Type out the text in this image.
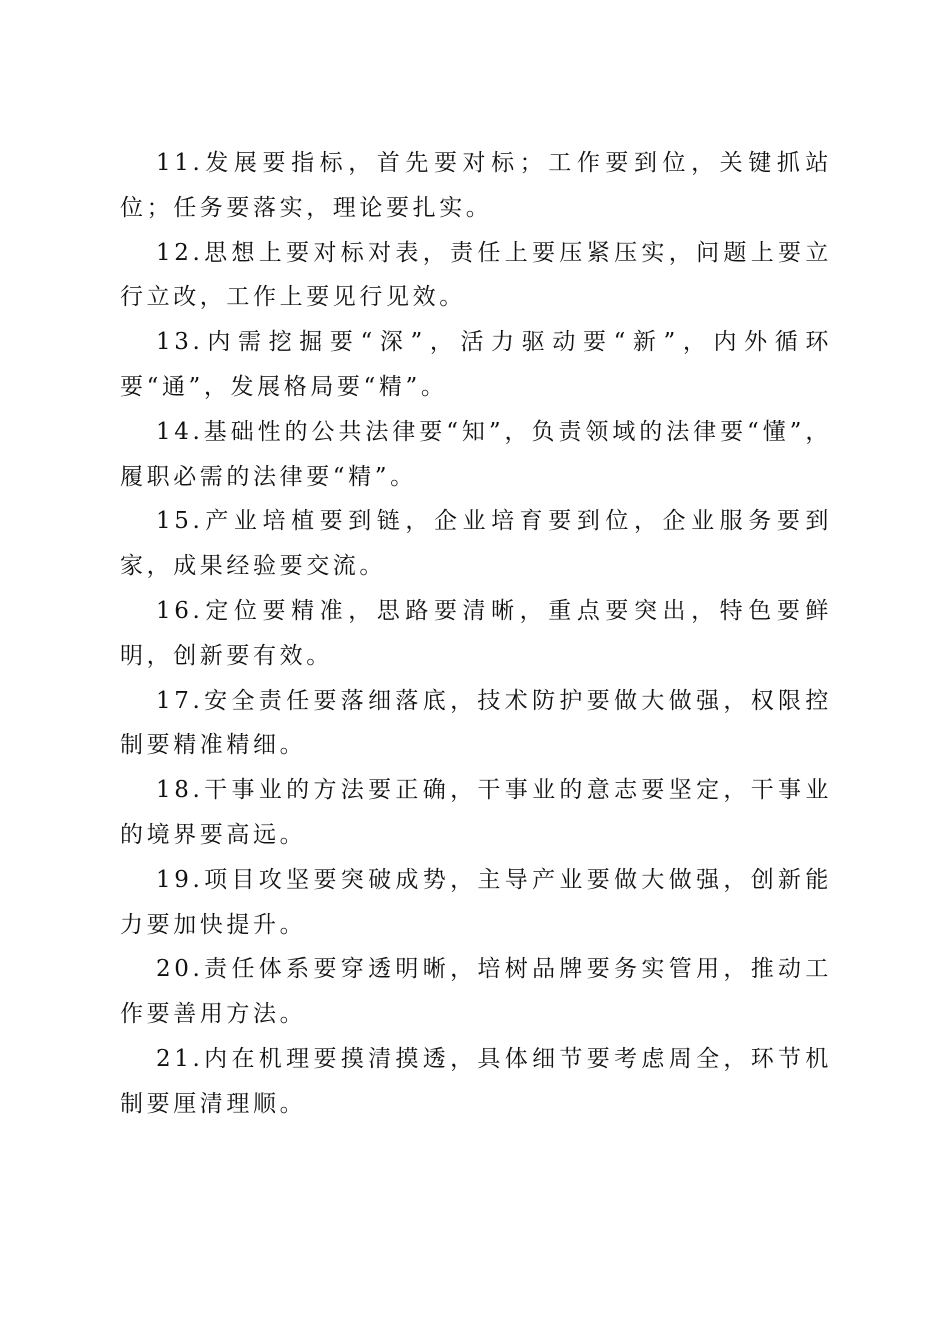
11.发展要指标，首先要对标；工作要到位，关键抓站位；任务要落实，理论要扎实。

12.思想上要对标对表，责任上要压紧压实，问题上要立行立改，工作上要见行见效。

13.内需挖掘要“深”，活力驱动要“新”，内外循环要“通”，发展格局要“精”。

14.基础性的公共法律要“知”，负责领域的法律要“懂”，履职必需的法律要“精”。

15.产业培植要到链，企业培育要到位，企业服务要到家，成果经验要交流。

16.定位要精准，思路要清晰，重点要突出，特色要鲜明，创新要有效。

17.安全责任要落细落底，技术防护要做大做强，权限控制要精准精细。

18.干事业的方法要正确，干事业的意志要坚定，干事业的境界要高远。

19.项目攻坚要突破成势，主导产业要做大做强，创新能力要加快提升。

20.责任体系要穿透明晰，培树品牌要务实管用，推动工作要善用方法。

21.内在机理要摸清摸透，具体细节要考虑周全，环节机制要厘清理顺。
